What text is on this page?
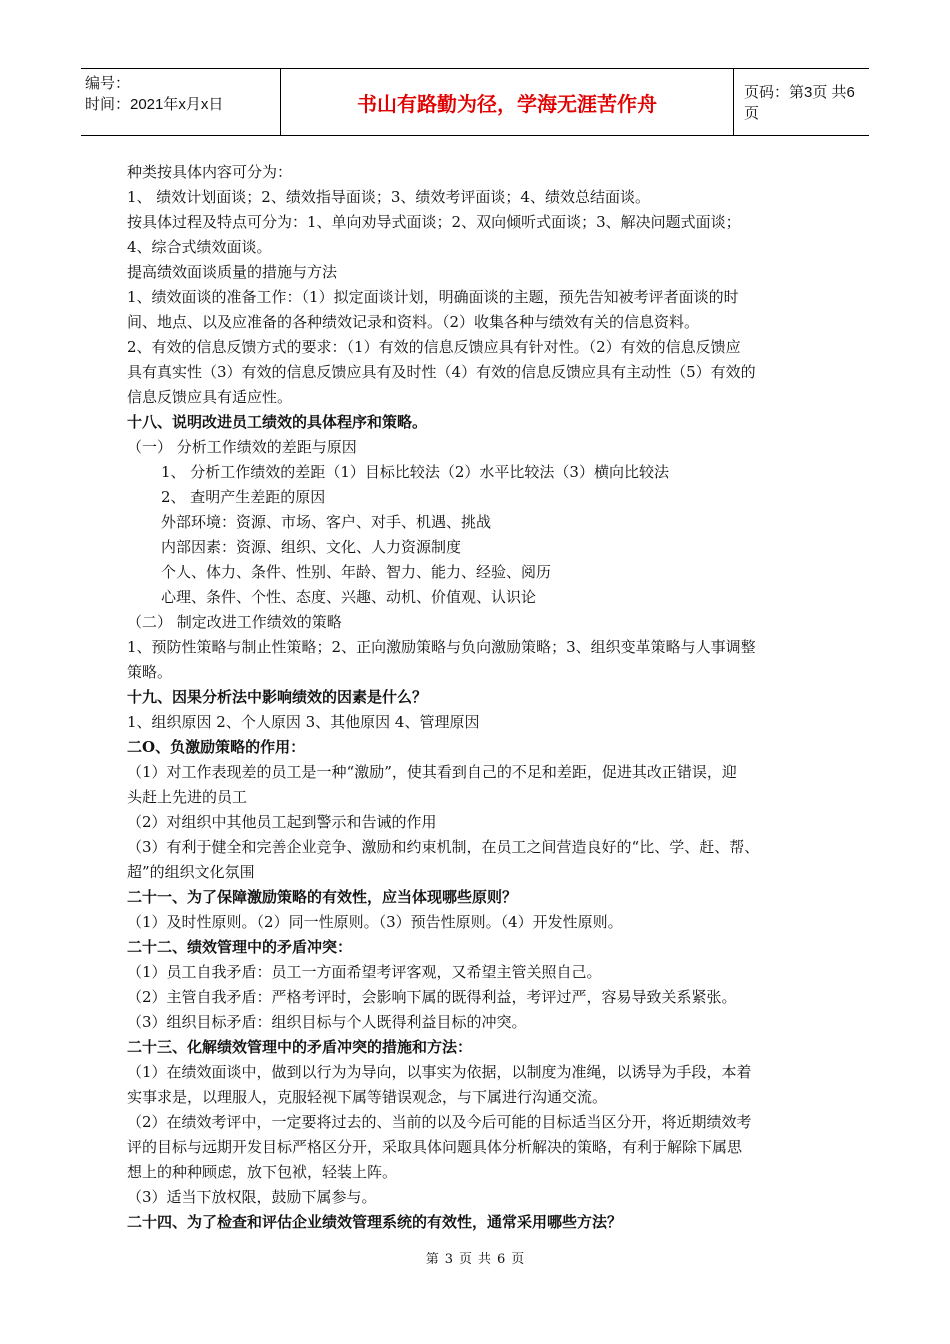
编号：
时间：2021年x月x日	书山有路勤为径，学海无涯苦作舟	页码：第3页 共6页
种类按具体内容可分为：
1、 绩效计划面谈；2、绩效指导面谈；3、绩效考评面谈；4、绩效总结面谈。
按具体过程及特点可分为：1、单向劝导式面谈；2、双向倾听式面谈；3、解决问题式面谈；
4、综合式绩效面谈。
提高绩效面谈质量的措施与方法
1、绩效面谈的准备工作：（1）拟定面谈计划，明确面谈的主题，预先告知被考评者面谈的时
间、地点、以及应准备的各种绩效记录和资料。（2）收集各种与绩效有关的信息资料。
2、有效的信息反馈方式的要求：（1）有效的信息反馈应具有针对性。（2）有效的信息反馈应
具有真实性（3）有效的信息反馈应具有及时性（4）有效的信息反馈应具有主动性（5）有效的
信息反馈应具有适应性。
十八、说明改进员工绩效的具体程序和策略。
（一） 分析工作绩效的差距与原因
1、 分析工作绩效的差距（1）目标比较法（2）水平比较法（3）横向比较法
2、 查明产生差距的原因
外部环境：资源、市场、客户、对手、机遇、挑战
内部因素：资源、组织、文化、人力资源制度
个人、体力、条件、性别、年龄、智力、能力、经验、阅历
心理、条件、个性、态度、兴趣、动机、价值观、认识论
（二） 制定改进工作绩效的策略
1、预防性策略与制止性策略；2、正向激励策略与负向激励策略；3、组织变革策略与人事调整
策略。
十九、因果分析法中影响绩效的因素是什么？
1、组织原因 2、个人原因 3、其他原因 4、管理原因
二O、负激励策略的作用：
（1）对工作表现差的员工是一种“激励”，使其看到自己的不足和差距，促进其改正错误，迎
头赶上先进的员工
（2）对组织中其他员工起到警示和告诫的作用
（3）有利于健全和完善企业竞争、激励和约束机制，在员工之间营造良好的“比、学、赶、帮、
超”的组织文化氛围
二十一、为了保障激励策略的有效性，应当体现哪些原则？
（1）及时性原则。（2）同一性原则。（3）预告性原则。（4）开发性原则。
二十二、绩效管理中的矛盾冲突：
（1）员工自我矛盾：员工一方面希望考评客观，又希望主管关照自己。
（2）主管自我矛盾：严格考评时，会影响下属的既得利益，考评过严，容易导致关系紧张。
（3）组织目标矛盾：组织目标与个人既得利益目标的冲突。
二十三、化解绩效管理中的矛盾冲突的措施和方法：
（1）在绩效面谈中，做到以行为为导向，以事实为依据，以制度为准绳，以诱导为手段，本着
实事求是，以理服人，克服轻视下属等错误观念，与下属进行沟通交流。
（2）在绩效考评中，一定要将过去的、当前的以及今后可能的目标适当区分开，将近期绩效考
评的目标与远期开发目标严格区分开，采取具体问题具体分析解决的策略，有利于解除下属思
想上的种种顾虑，放下包袱，轻装上阵。
（3）适当下放权限，鼓励下属参与。
二十四、为了检查和评估企业绩效管理系统的有效性，通常采用哪些方法？
第 3 页 共 6 页
